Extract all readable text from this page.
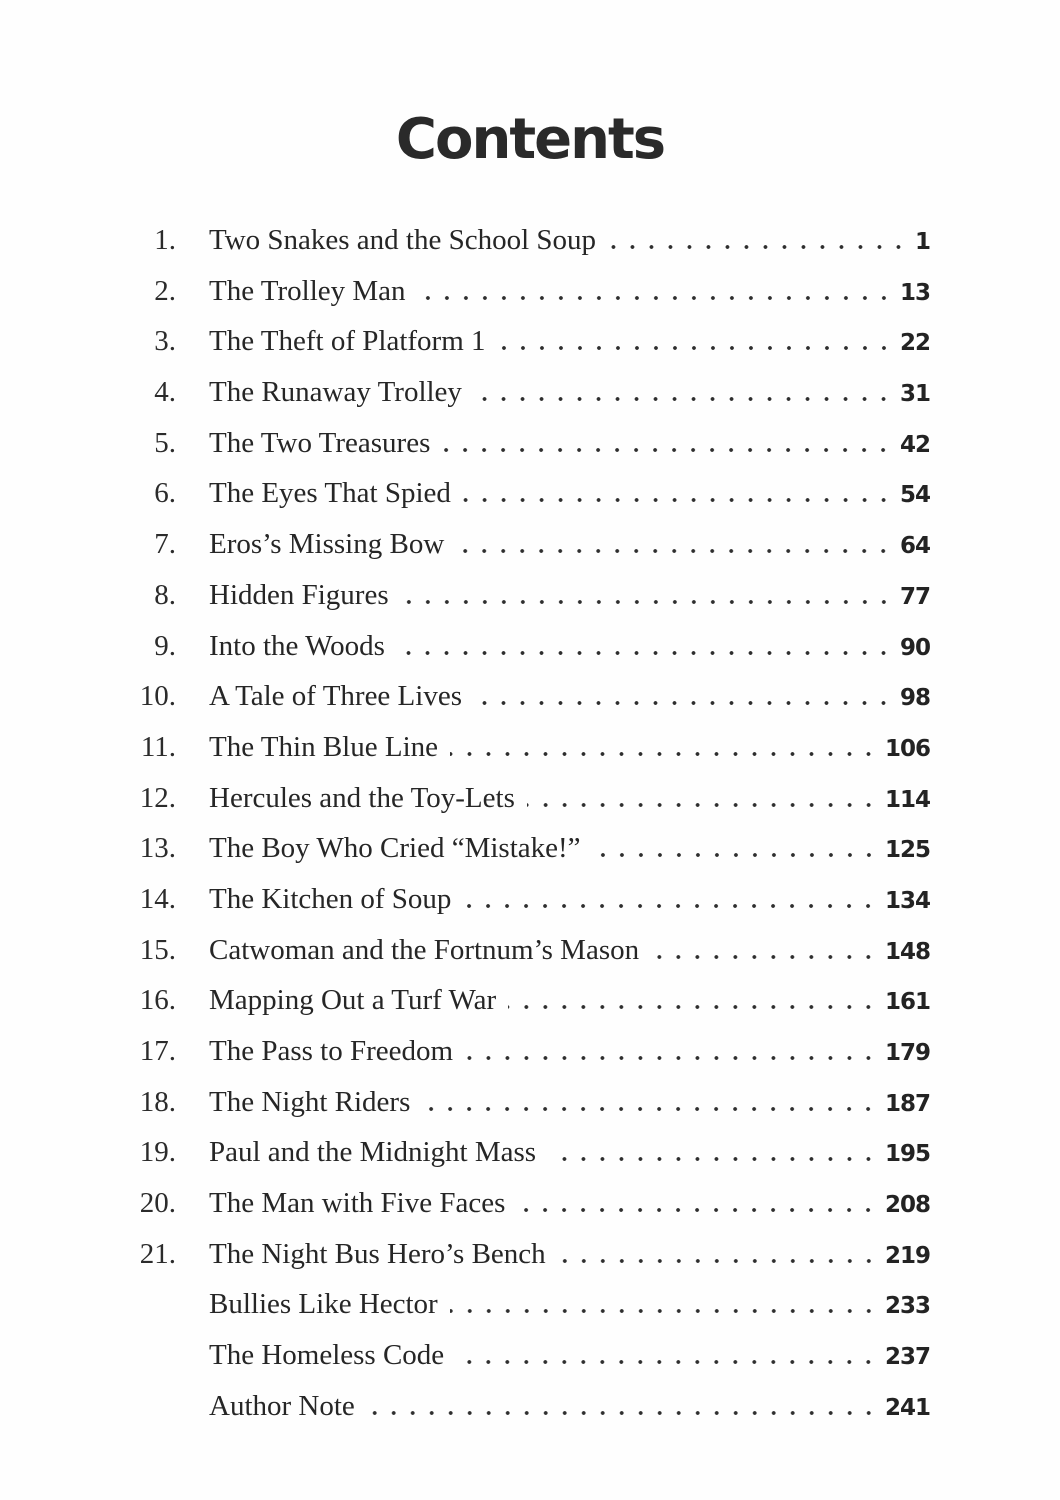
Contents
1. Two Snakes and the School Soup	1
2. The Trolley Man	13
3. The Theft of Platform 1	22
4. The Runaway Trolley	31
5. The Two Treasures	42
6. The Eyes That Spied	54
7. Eros’s Missing Bow	64
8. Hidden Figures	77
9. Into the Woods	90
10. A Tale of Three Lives	98
11. The Thin Blue Line	106
12. Hercules and the Toy-Lets	114
13. The Boy Who Cried “Mistake!”	125
14. The Kitchen of Soup	134
15. Catwoman and the Fortnum’s Mason	148
16. Mapping Out a Turf War	161
17. The Pass to Freedom	179
18. The Night Riders	187
19. Paul and the Midnight Mass	195
20. The Man with Five Faces	208
21. The Night Bus Hero’s Bench	219
Bullies Like Hector	233
The Homeless Code	237
Author Note	241
